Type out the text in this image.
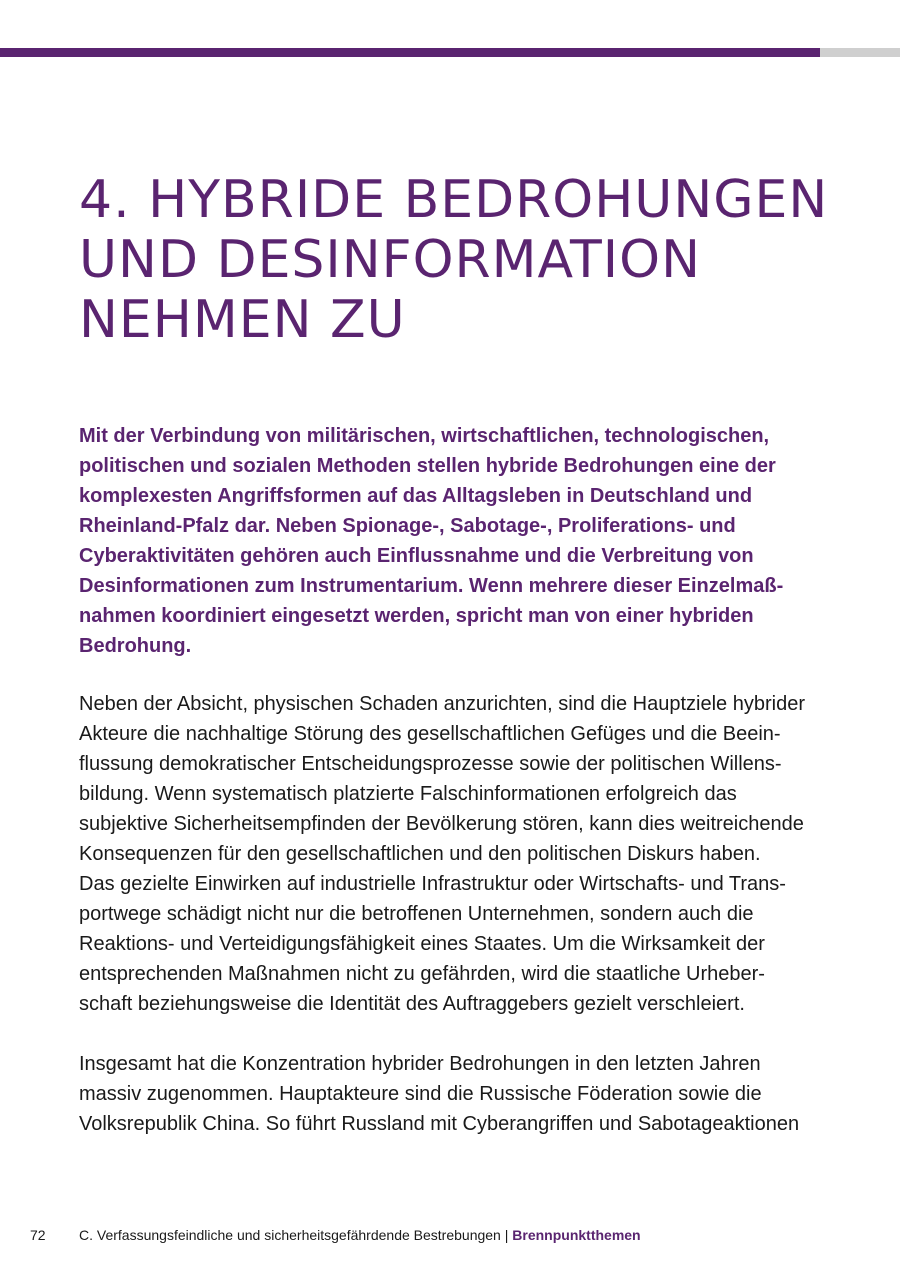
4. HYBRIDE BEDROHUNGEN
UND DESINFORMATION
NEHMEN ZU

Mit der Verbindung von militärischen, wirtschaftlichen, technologischen,
politischen und sozialen Methoden stellen hybride Bedrohungen eine der
komplexesten Angriffsformen auf das Alltagsleben in Deutschland und
Rheinland-Pfalz dar. Neben Spionage-, Sabotage-, Proliferations- und
Cyberaktivitäten gehören auch Einflussnahme und die Verbreitung von
Desinformationen zum Instrumentarium. Wenn mehrere dieser Einzelmaß-
nahmen koordiniert eingesetzt werden, spricht man von einer hybriden
Bedrohung.

Neben der Absicht, physischen Schaden anzurichten, sind die Hauptziele hybrider
Akteure die nachhaltige Störung des gesellschaftlichen Gefüges und die Beein-
flussung demokratischer Entscheidungsprozesse sowie der politischen Willens-
bildung. Wenn systematisch platzierte Falschinformationen erfolgreich das
subjektive Sicherheitsempfinden der Bevölkerung stören, kann dies weitreichende
Konsequenzen für den gesellschaftlichen und den politischen Diskurs haben.
Das gezielte Einwirken auf industrielle Infrastruktur oder Wirtschafts- und Trans-
portwege schädigt nicht nur die betroffenen Unternehmen, sondern auch die
Reaktions- und Verteidigungsfähigkeit eines Staates. Um die Wirksamkeit der
entsprechenden Maßnahmen nicht zu gefährden, wird die staatliche Urheber-
schaft beziehungsweise die Identität des Auftraggebers gezielt verschleiert.

Insgesamt hat die Konzentration hybrider Bedrohungen in den letzten Jahren
massiv zugenommen. Hauptakteure sind die Russische Föderation sowie die
Volksrepublik China. So führt Russland mit Cyberangriffen und Sabotageaktionen

72 C. Verfassungsfeindliche und sicherheitsgefährdende Bestrebungen | Brennpunktthemen
